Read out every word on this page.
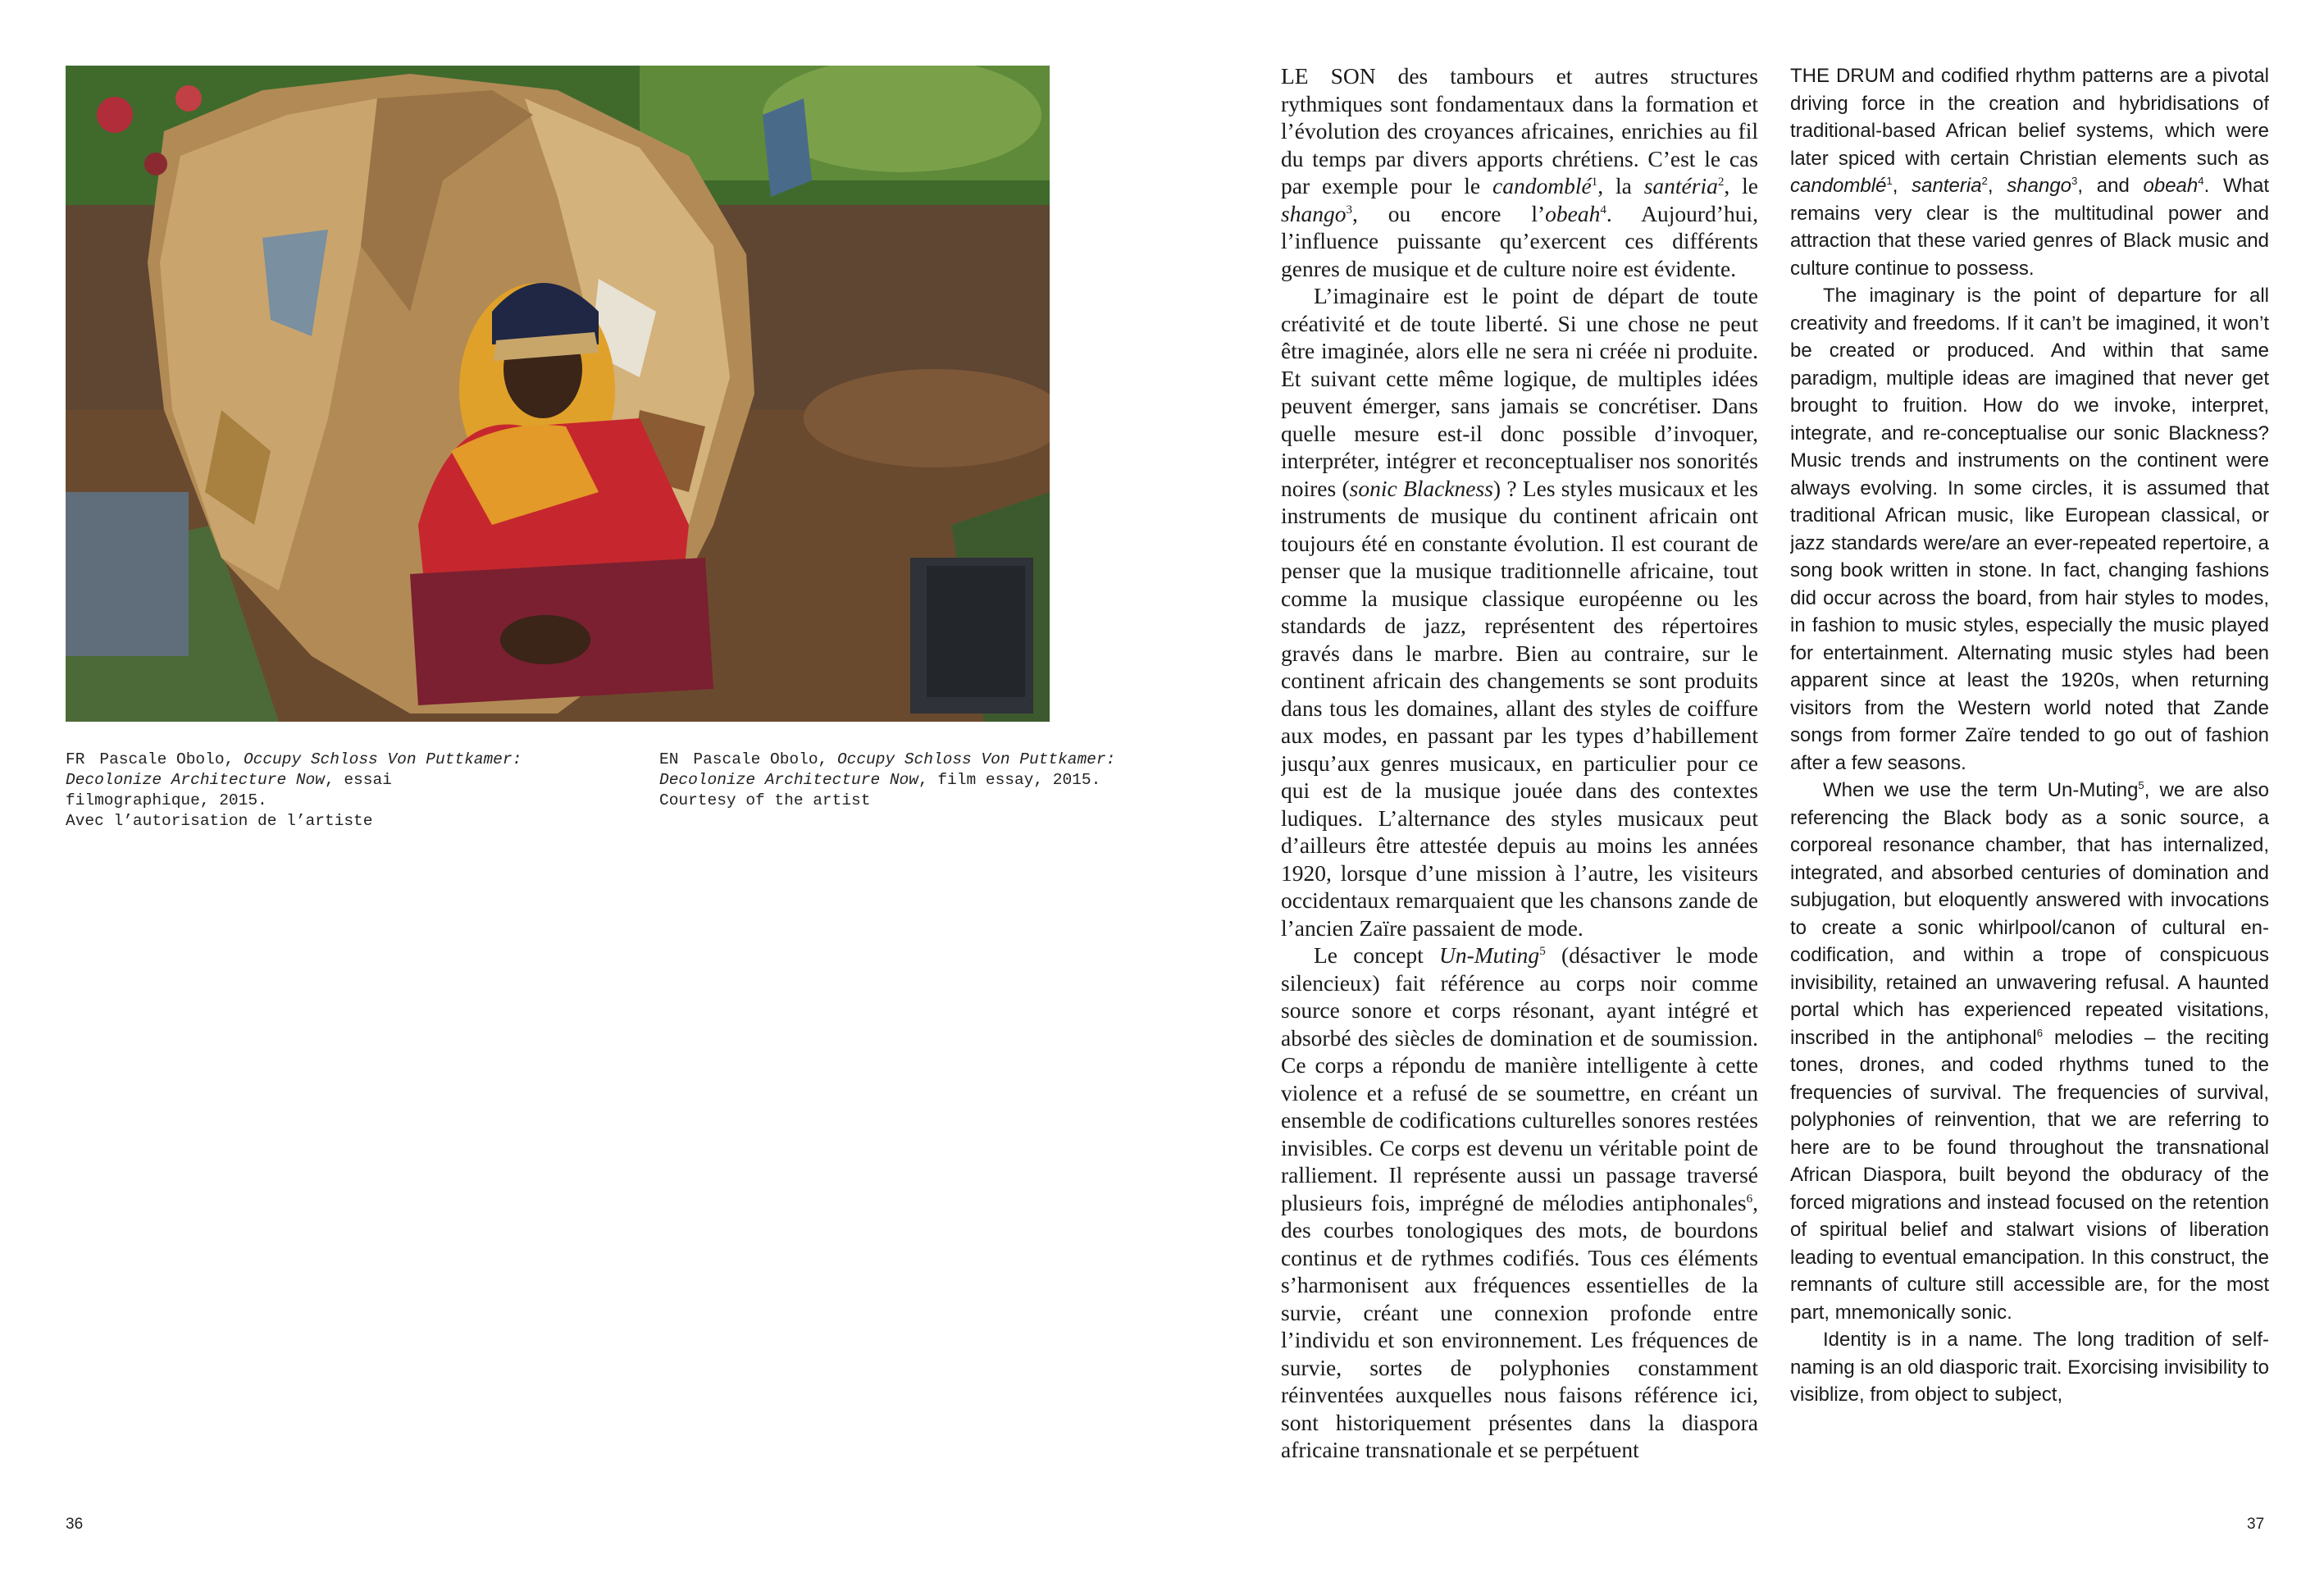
FR Pascale Obolo, Occupy Schloss Von Puttkamer: Decolonize Architecture Now, essai filmographique, 2015.
Avec l’autorisation de l’artiste
EN Pascale Obolo, Occupy Schloss Von Puttkamer: Decolonize Architecture Now, film essay, 2015.
Courtesy of the artist

LE SON des tambours et autres structures rythmiques sont fondamentaux dans la formation et l’évolution des croyances africaines, enrichies au fil du temps par divers apports chrétiens. C’est le cas par exemple pour le candomblé$^1$, la santéria$^2$, le shango$^3$, ou encore l’obeah$^4$. Aujourd’hui, l’influence puissante qu’exercent ces différents genres de musique et de culture noire est évidente.

L’imaginaire est le point de départ de toute créativité et de toute liberté. Si une chose ne peut être imaginée, alors elle ne sera ni créée ni produite. Et suivant cette même logique, de multiples idées peuvent émerger, sans jamais se concrétiser. Dans quelle mesure est-il donc possible d’invoquer, interpréter, intégrer et reconceptualiser nos sonorités noires (sonic Blackness) ? Les styles musicaux et les instruments de musique du continent africain ont toujours été en constante évolution. Il est courant de penser que la musique traditionnelle africaine, tout comme la musique classique européenne ou les standards de jazz, représentent des répertoires gravés dans le marbre. Bien au contraire, sur le continent africain des changements se sont produits dans tous les domaines, allant des styles de coiffure aux modes, en passant par les types d’habillement jusqu’aux genres musicaux, en particulier pour ce qui est de la musique jouée dans des contextes ludiques. L’alternance des styles musicaux peut d’ailleurs être attestée depuis au moins les années 1920, lorsque d’une mission à l’autre, les visiteurs occidentaux remarquaient que les chansons zande de l’ancien Zaïre passaient de mode.

Le concept Un-Muting$^5$ (désactiver le mode silencieux) fait référence au corps noir comme source sonore et corps résonant, ayant intégré et absorbé des siècles de domination et de soumission. Ce corps a répondu de manière intelligente à cette violence et a refusé de se soumettre, en créant un ensemble de codifications culturelles sonores restées invisibles. Ce corps est devenu un véritable point de ralliement. Il représente aussi un passage traversé plusieurs fois, imprégné de mélodies antiphonales$^6$, des courbes tonologiques des mots, de bourdons continus et de rythmes codifiés. Tous ces éléments s’harmonisent aux fréquences essentielles de la survie, créant une connexion profonde entre l’individu et son environnement. Les fréquences de survie, sortes de polyphonies constamment réinventées auxquelles nous faisons référence ici, sont historiquement présentes dans la diaspora africaine transnationale et se perpétuent

THE DRUM and codified rhythm patterns are a pivotal driving force in the creation and hybridisations of traditional-based African belief systems, which were later spiced with certain Christian elements such as candomblé$^1$, santeria$^2$, shango$^3$, and obeah$^4$. What remains very clear is the multitudinal power and attraction that these varied genres of Black music and culture continue to possess.

The imaginary is the point of departure for all creativity and freedoms. If it can’t be imagined, it won’t be created or produced. And within that same paradigm, multiple ideas are imagined that never get brought to fruition. How do we invoke, interpret, integrate, and re-conceptualise our sonic Blackness? Music trends and instruments on the continent were always evolving. In some circles, it is assumed that traditional African music, like European classical, or jazz standards were/are an ever-repeated repertoire, a song book written in stone. In fact, changing fashions did occur across the board, from hair styles to modes, in fashion to music styles, especially the music played for entertainment. Alternating music styles had been apparent since at least the 1920s, when returning visitors from the Western world noted that Zande songs from former Zaïre tended to go out of fashion after a few seasons.

When we use the term Un-Muting$^5$, we are also referencing the Black body as a sonic source, a corporeal resonance chamber, that has internalized, integrated, and absorbed centuries of domination and subjugation, but eloquently answered with invocations to create a sonic whirlpool/canon of cultural en-codification, and within a trope of conspicuous invisibility, retained an unwavering refusal. A haunted portal which has experienced repeated visitations, inscribed in the antiphonal$^6$ melodies – the reciting tones, drones, and coded rhythms tuned to the frequencies of survival. The frequencies of survival, polyphonies of reinvention, that we are referring to here are to be found throughout the transnational African Diaspora, built beyond the obduracy of the forced migrations and instead focused on the retention of spiritual belief and stalwart visions of liberation leading to eventual emancipation. In this construct, the remnants of culture still accessible are, for the most part, mnemonically sonic.

Identity is in a name. The long tradition of self-naming is an old diasporic trait. Exorcising invisibility to visiblize, from object to subject,

36	37
